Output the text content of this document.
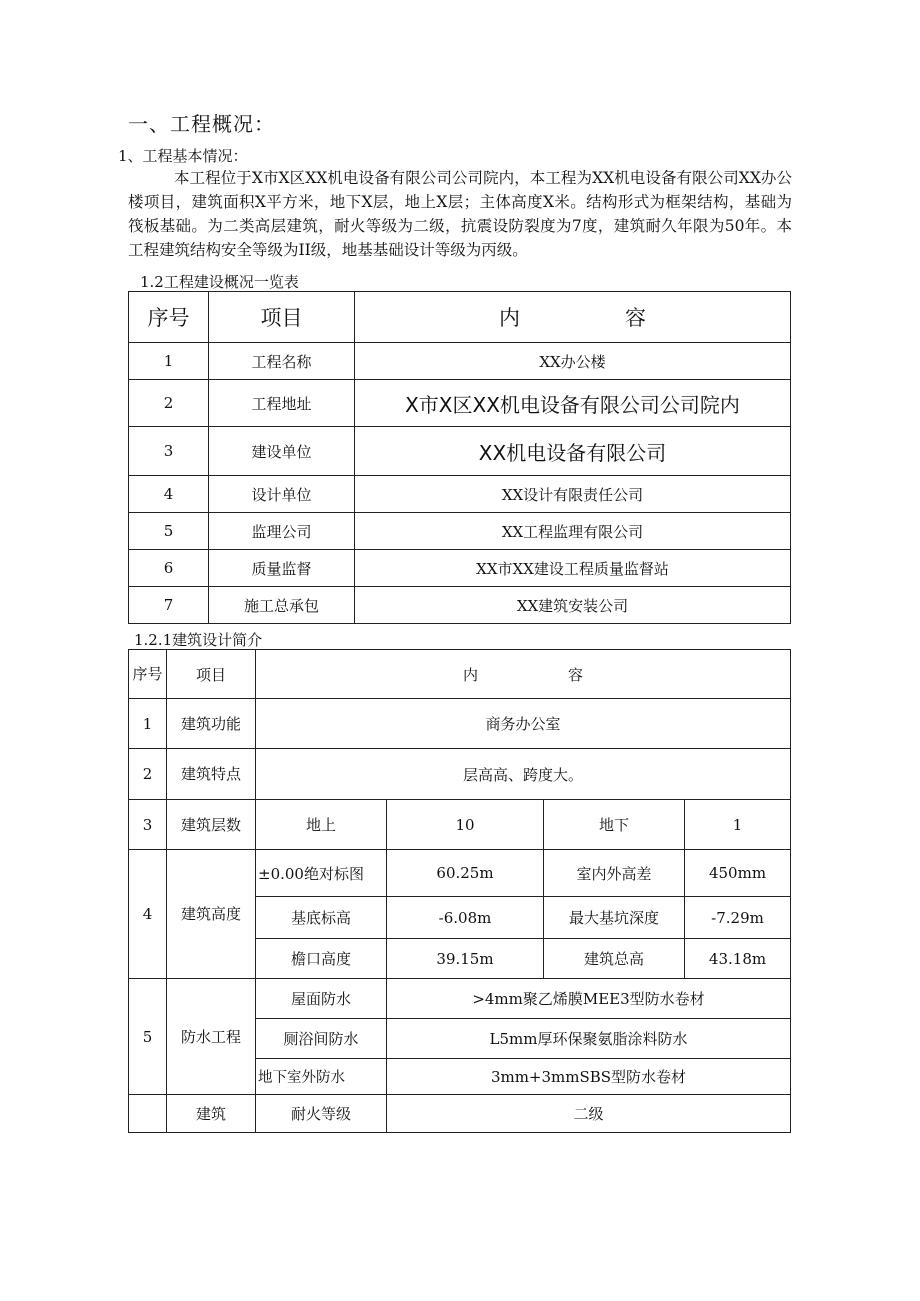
一、工程概况：
1、工程基本情况：
本工程位于X市X区XX机电设备有限公司公司院内，本工程为XX机电设备有限公司XX办公楼项目，建筑面积X平方米，地下X层，地上X层；主体高度X米。结构形式为框架结构，基础为筏板基础。为二类高层建筑，耐火等级为二级，抗震设防裂度为7度，建筑耐久年限为50年。本工程建筑结构安全等级为II级，地基基础设计等级为丙级。
1.2工程建设概况一览表
序号	项目	内　　　　　容
1	工程名称	XX办公楼
2	工程地址	X市X区XX机电设备有限公司公司院内
3	建设单位	XX机电设备有限公司
4	设计单位	XX设计有限责任公司
5	监理公司	XX工程监理有限公司
6	质量监督	XX市XX建设工程质量监督站
7	施工总承包	XX建筑安装公司
1.2.1建筑设计简介
序号	项目	内　　　　　　容			
1	建筑功能	商务办公室			
2	建筑特点	层高高、跨度大。			
3	建筑层数	地上	10	地下	1
4	建筑高度	±0.00绝对标图	60.25m	室内外高差	450mm
		基底标高	-6.08m	最大基坑深度	-7.29m
		檐口高度	39.15m	建筑总高	43.18m
5	防水工程	屋面防水	>4mm聚乙烯膜MEE3型防水卷材		
		厕浴间防水	L5mm厚环保聚氨脂涂料防水		
		地下室外防水	3mm+3mmSBS型防水卷材		
	建筑	耐火等级	二级		
